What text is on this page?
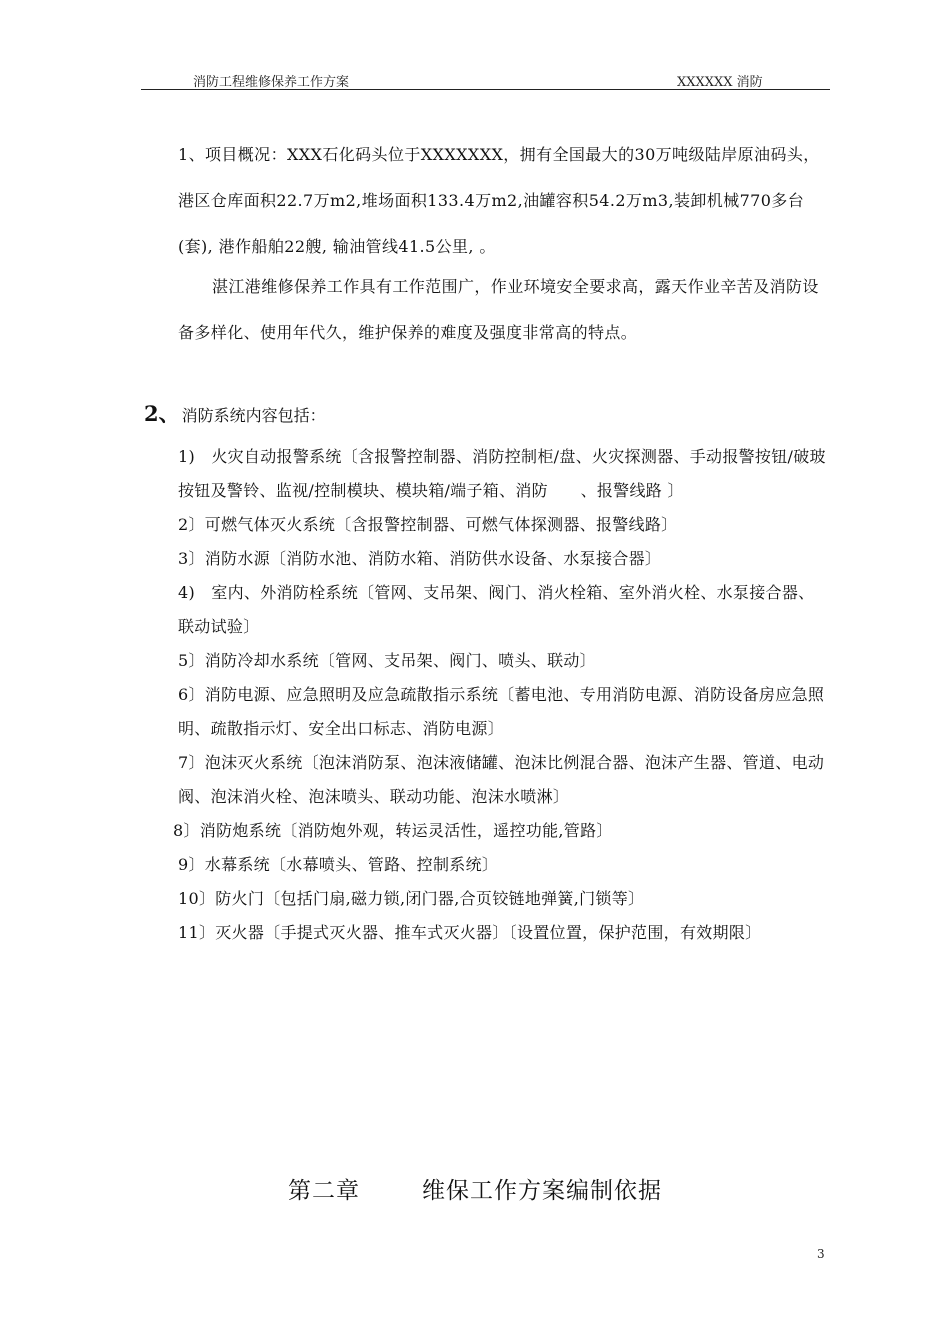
消防工程维修保养工作方案	XXXXXX 消防
1、项目概况：XXX石化码头位于XXXXXXX，拥有全国最大的30万吨级陆岸原油码头，港区仓库面积22.7万m2,堆场面积133.4万m2,油罐容积54.2万m3,装卸机械770多台(套), 港作船舶22艘, 输油管线41.5公里, 。
湛江港维修保养工作具有工作范围广，作业环境安全要求高，露天作业辛苦及消防设备多样化、使用年代久，维护保养的难度及强度非常高的特点。
2、 消防系统内容包括：
1)　火灾自动报警系统〔含报警控制器、消防控制柜/盘、火灾探测器、手动报警按钮/破玻按钮及警铃、监视/控制模块、模块箱/端子箱、消防　　、报警线路 〕
2〕可燃气体灭火系统〔含报警控制器、可燃气体探测器、报警线路〕
3〕消防水源〔消防水池、消防水箱、消防供水设备、水泵接合器〕
4)　室内、外消防栓系统〔管网、支吊架、阀门、消火栓箱、室外消火栓、水泵接合器、联动试验〕
5〕消防冷却水系统〔管网、支吊架、阀门、喷头、联动〕
6〕消防电源、应急照明及应急疏散指示系统〔蓄电池、专用消防电源、消防设备房应急照明、疏散指示灯、安全出口标志、消防电源〕
7〕泡沫灭火系统〔泡沫消防泵、泡沫液储罐、泡沫比例混合器、泡沫产生器、管道、电动阀、泡沫消火栓、泡沫喷头、联动功能、泡沫水喷淋〕
8〕消防炮系统〔消防炮外观，转运灵活性，遥控功能,管路〕
9〕水幕系统〔水幕喷头、管路、控制系统〕
10〕防火门〔包括门扇,磁力锁,闭门器,合页铰链地弹簧,门锁等〕
11〕灭火器〔手提式灭火器、推车式灭火器〕〔设置位置，保护范围，有效期限〕
第二章	维保工作方案编制依据
3
